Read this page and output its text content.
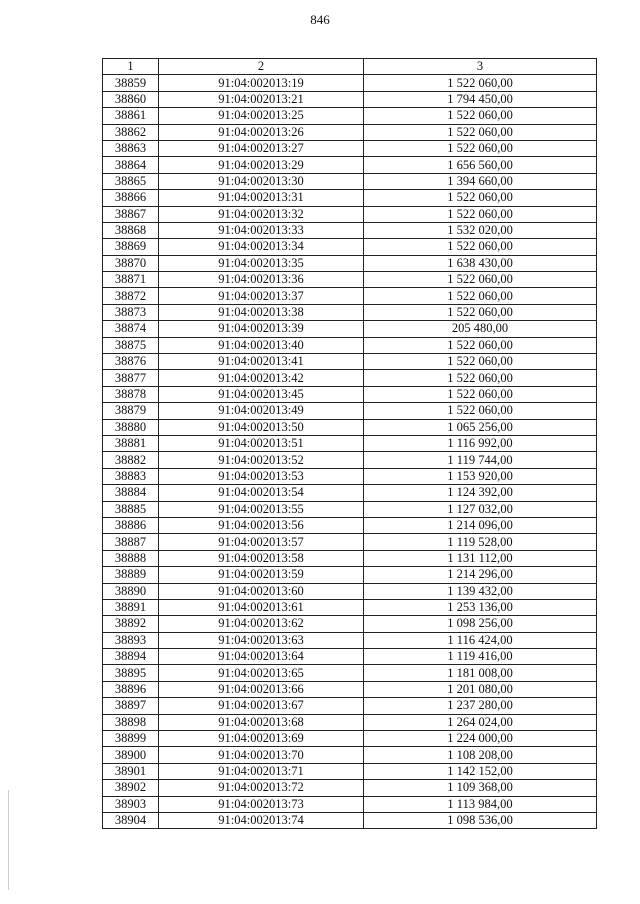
846
1	2	3
38859	91:04:002013:19	1 522 060,00
38860	91:04:002013:21	1 794 450,00
38861	91:04:002013:25	1 522 060,00
38862	91:04:002013:26	1 522 060,00
38863	91:04:002013:27	1 522 060,00
38864	91:04:002013:29	1 656 560,00
38865	91:04:002013:30	1 394 660,00
38866	91:04:002013:31	1 522 060,00
38867	91:04:002013:32	1 522 060,00
38868	91:04:002013:33	1 532 020,00
38869	91:04:002013:34	1 522 060,00
38870	91:04:002013:35	1 638 430,00
38871	91:04:002013:36	1 522 060,00
38872	91:04:002013:37	1 522 060,00
38873	91:04:002013:38	1 522 060,00
38874	91:04:002013:39	205 480,00
38875	91:04:002013:40	1 522 060,00
38876	91:04:002013:41	1 522 060,00
38877	91:04:002013:42	1 522 060,00
38878	91:04:002013:45	1 522 060,00
38879	91:04:002013:49	1 522 060,00
38880	91:04:002013:50	1 065 256,00
38881	91:04:002013:51	1 116 992,00
38882	91:04:002013:52	1 119 744,00
38883	91:04:002013:53	1 153 920,00
38884	91:04:002013:54	1 124 392,00
38885	91:04:002013:55	1 127 032,00
38886	91:04:002013:56	1 214 096,00
38887	91:04:002013:57	1 119 528,00
38888	91:04:002013:58	1 131 112,00
38889	91:04:002013:59	1 214 296,00
38890	91:04:002013:60	1 139 432,00
38891	91:04:002013:61	1 253 136,00
38892	91:04:002013:62	1 098 256,00
38893	91:04:002013:63	1 116 424,00
38894	91:04:002013:64	1 119 416,00
38895	91:04:002013:65	1 181 008,00
38896	91:04:002013:66	1 201 080,00
38897	91:04:002013:67	1 237 280,00
38898	91:04:002013:68	1 264 024,00
38899	91:04:002013:69	1 224 000,00
38900	91:04:002013:70	1 108 208,00
38901	91:04:002013:71	1 142 152,00
38902	91:04:002013:72	1 109 368,00
38903	91:04:002013:73	1 113 984,00
38904	91:04:002013:74	1 098 536,00
